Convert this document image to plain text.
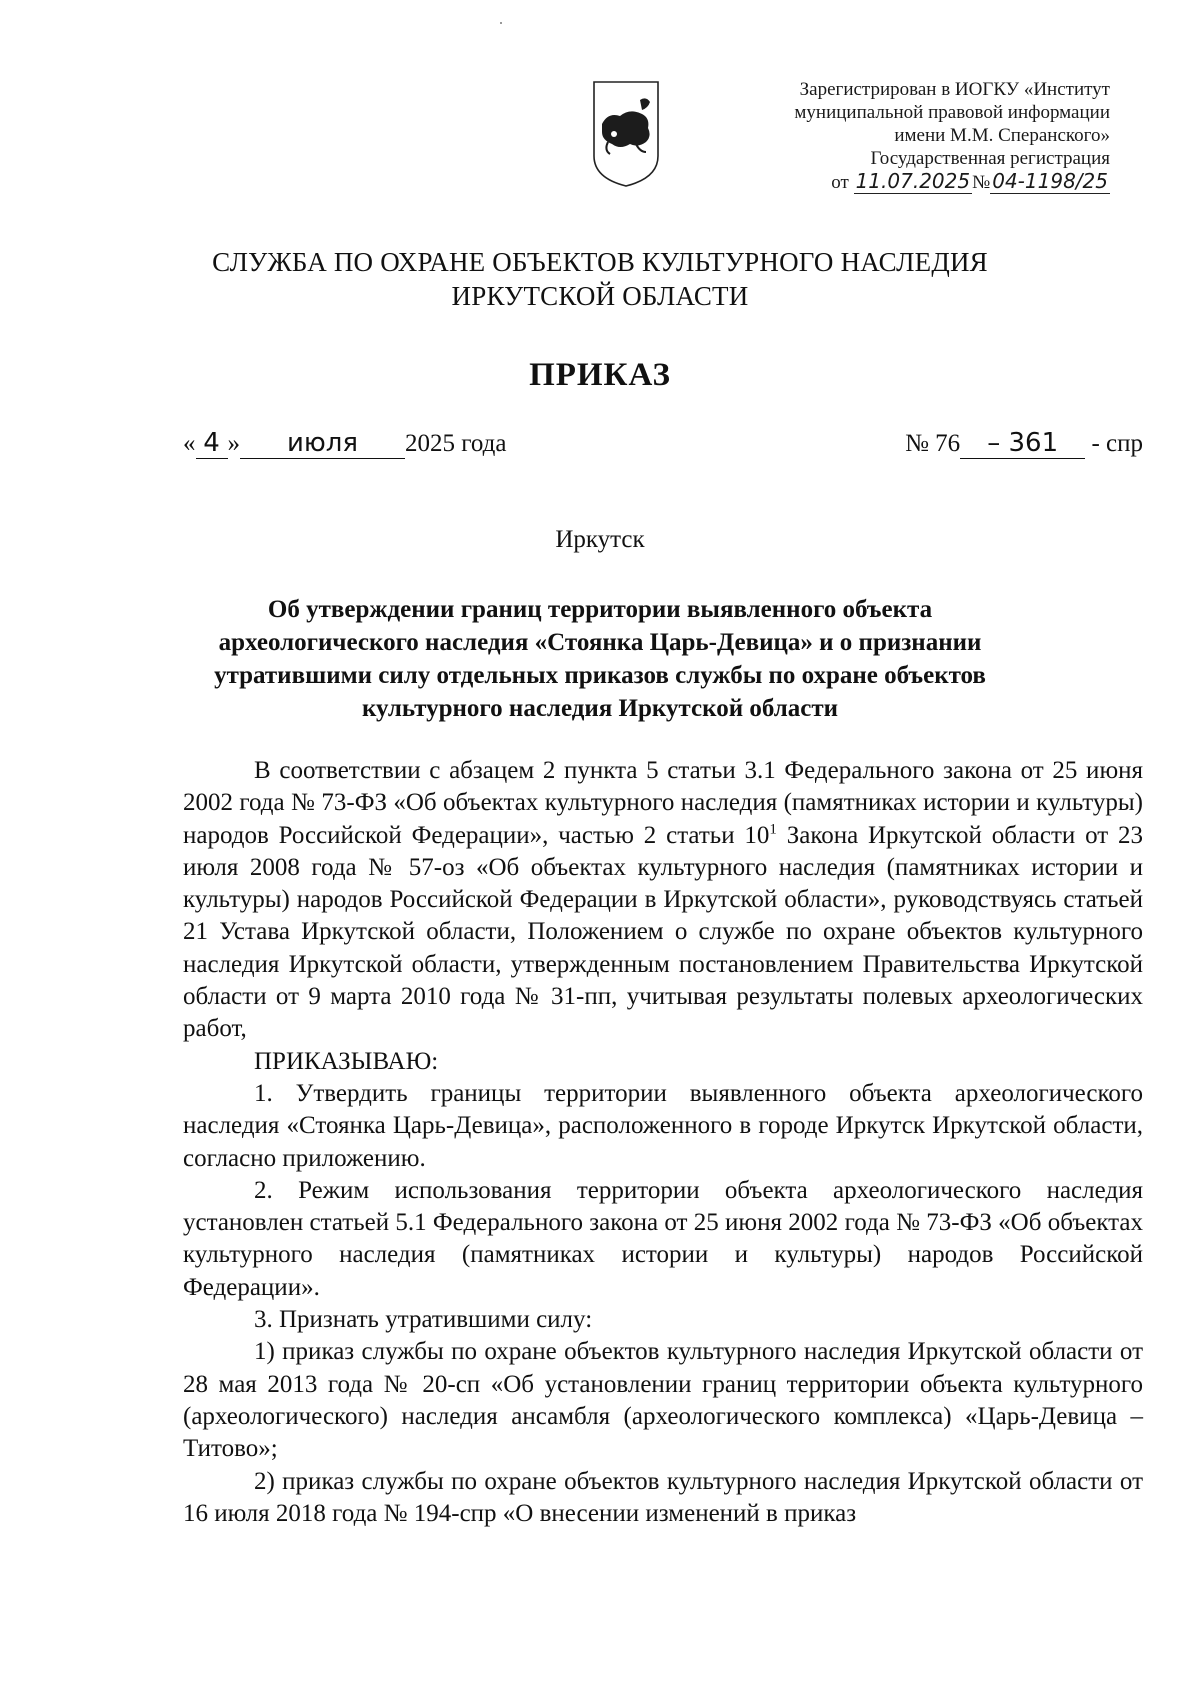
Зарегистрирован в ИОГКУ «Институт
муниципальной правовой информации
имени М.М. Сперанского»
Государственная регистрация
от 11.07.2025 № 04-1198/25
СЛУЖБА ПО ОХРАНЕ ОБЪЕКТОВ КУЛЬТУРНОГО НАСЛЕДИЯ
ИРКУТСКОЙ ОБЛАСТИ
ПРИКАЗ
« 4 » июля 2025 года	№ 76 – 361 - спр
Иркутск
Об утверждении границ территории выявленного объекта археологического наследия «Стоянка Царь-Девица» и о признании утратившими силу отдельных приказов службы по охране объектов культурного наследия Иркутской области

В соответствии с абзацем 2 пункта 5 статьи 3.1 Федерального закона от 25 июня 2002 года № 73-ФЗ «Об объектах культурного наследия (памятниках истории и культуры) народов Российской Федерации», частью 2 статьи $10^1$ Закона Иркутской области от 23 июля 2008 года № 57-оз «Об объектах культурного наследия (памятниках истории и культуры) народов Российской Федерации в Иркутской области», руководствуясь статьей 21 Устава Иркутской области, Положением о службе по охране объектов культурного наследия Иркутской области, утвержденным постановлением Правительства Иркутской области от 9 марта 2010 года № 31-пп, учитывая результаты полевых археологических работ,

ПРИКАЗЫВАЮ:

1. Утвердить границы территории выявленного объекта археологического наследия «Стоянка Царь-Девица», расположенного в городе Иркутск Иркутской области, согласно приложению.

2. Режим использования территории объекта археологического наследия установлен статьей 5.1 Федерального закона от 25 июня 2002 года № 73-ФЗ «Об объектах культурного наследия (памятниках истории и культуры) народов Российской Федерации».

3. Признать утратившими силу:

1) приказ службы по охране объектов культурного наследия Иркутской области от 28 мая 2013 года № 20-сп «Об установлении границ территории объекта культурного (археологического) наследия ансамбля (археологического комплекса) «Царь-Девица – Титово»;

2) приказ службы по охране объектов культурного наследия Иркутской области от 16 июля 2018 года № 194-спр «О внесении изменений в приказ
